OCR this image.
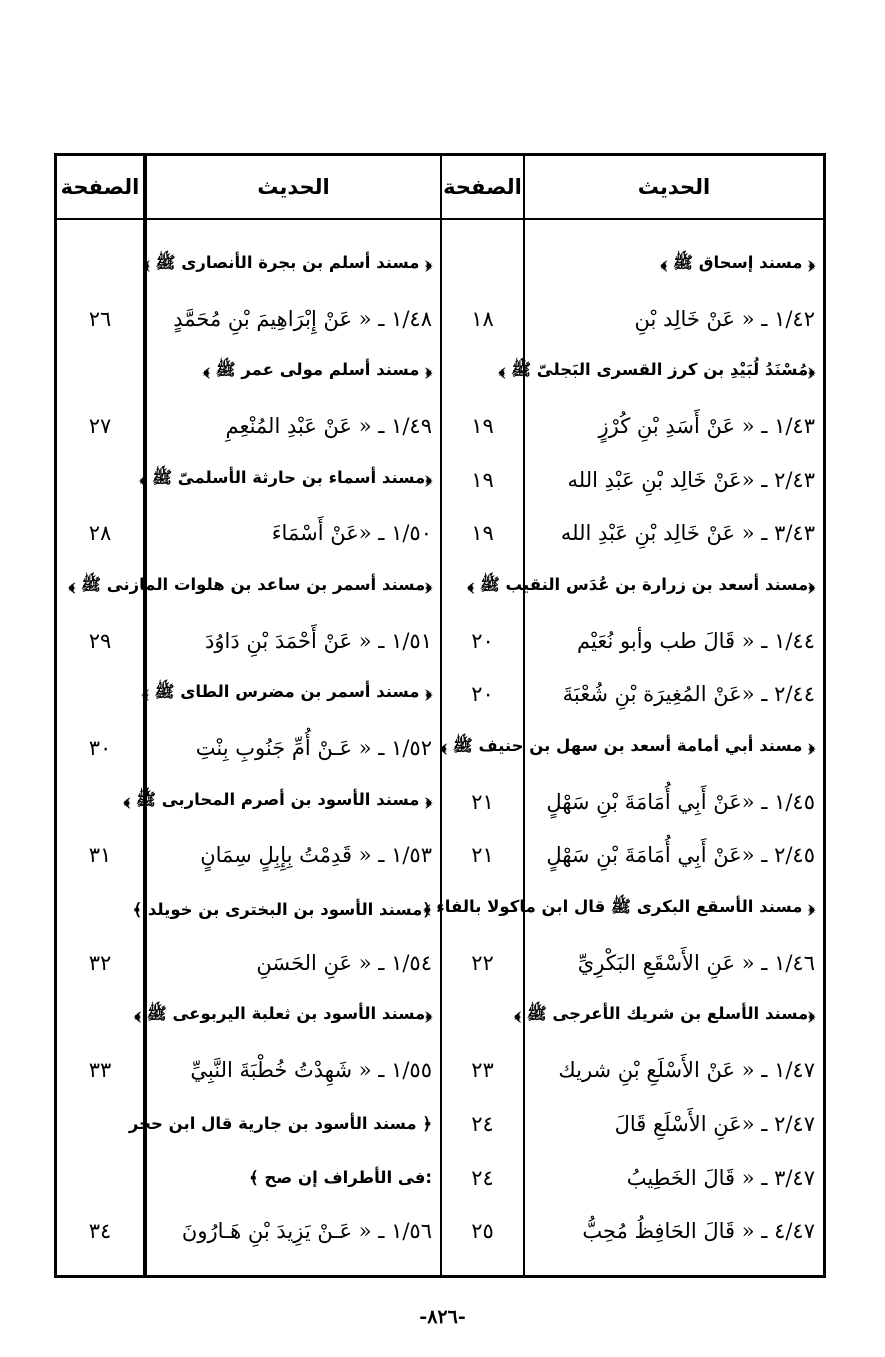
الحديث
الصفحة
الحديث
الصفحة
﴿ مسند إسحاق ﷺ ﴾
١/٤٢ ـ « عَنْ خَالِد بْنِ
﴿مُسْنَدُ لُبَيْدِ بن كرز القسرى البَجلىّ ﷺ ﴾
١/٤٣ ـ « عَنْ أَسَدِ بْنِ كُرْزٍ
٢/٤٣ ـ «عَنْ خَالِد بْنِ عَبْدِ الله
٣/٤٣ ـ « عَنْ خَالِد بْنِ عَبْدِ الله
﴿مسند أسعد بن زرارة بن عُدَس النقيب ﷺ ﴾
١/٤٤ ـ « قَالَ طب وأبو نُعَيْم
٢/٤٤ ـ «عَنْ المُغِيرَة بْنِ شُعْبَةَ
﴿ مسند أبي أمامة أسعد بن سهل بن حنيف ﷺ ﴾
١/٤٥ ـ «عَنْ أَبِي أُمَامَةَ بْنِ سَهْلٍ
٢/٤٥ ـ «عَنْ أَبِي أُمَامَةَ بْنِ سَهْلٍ
﴿ مسند الأسقع البكرى ﷺ قال ابن ماكولا بالفاء ﴾
١/٤٦ ـ « عَنِ الأَسْقَعِ البَكْرِيِّ
﴿مسند الأسلع بن شريك الأعرجى ﷺ ﴾
١/٤٧ ـ « عَنْ الأَسْلَعِ بْنِ شريك
٢/٤٧ ـ «عَنِ الأَسْلَعِ قَالَ
٣/٤٧ ـ « قَالَ الخَطِيبُ
٤/٤٧ ـ « قَالَ الحَافِظُ مُحِبُّ
١٨
١٩
١٩
١٩
٢٠
٢٠
٢١
٢١
٢٢
٢٣
٢٤
٢٤
٢٥
﴿ مسند أسلم بن بجرة الأنصارى ﷺ ﴾
١/٤٨ ـ « عَنْ إِبْرَاهِيمَ بْنِ مُحَمَّدٍ
﴿ مسند أسلم مولى عمر ﷺ ﴾
١/٤٩ ـ « عَنْ عَبْدِ المُنْعِمِ
﴿مسند أسماء بن حارثة الأسلمىّ ﷺ ﴾
١/٥٠ ـ «عَنْ أَسْمَاءَ
﴿مسند أسمر بن ساعد بن هلوات المازنى ﷺ ﴾
١/٥١ ـ « عَنْ أَحْمَدَ بْنِ دَاوُدَ
﴿ مسند أسمر بن مضرس الطاى ﷺ ﴾
١/٥٢ ـ « عَـنْ أُمِّ جَنُوبِ بِنْتِ
﴿ مسند الأسود بن أصرم المحاربى ﷺ ﴾
١/٥٣ ـ « قَدِمْتُ بِإِبِلٍ سِمَانٍ
﴿مسند الأسود بن البخترى بن خويلد ﴾
١/٥٤ ـ « عَنِ الحَسَنِ
﴿مسند الأسود بن ثعلبة اليربوعى ﷺ ﴾
١/٥٥ ـ « شَهِدْتُ خُطْبَةَ النَّبِيِّ
﴿ مسند الأسود بن جارية قال ابن حجر
:فى الأطراف إن صح ﴾
١/٥٦ ـ « عَـنْ يَزِيدَ بْنِ هَـارُونَ
٢٦
٢٧
٢٨
٢٩
٣٠
٣١
٣٢
٣٣
٣٤
-٨٢٦-
